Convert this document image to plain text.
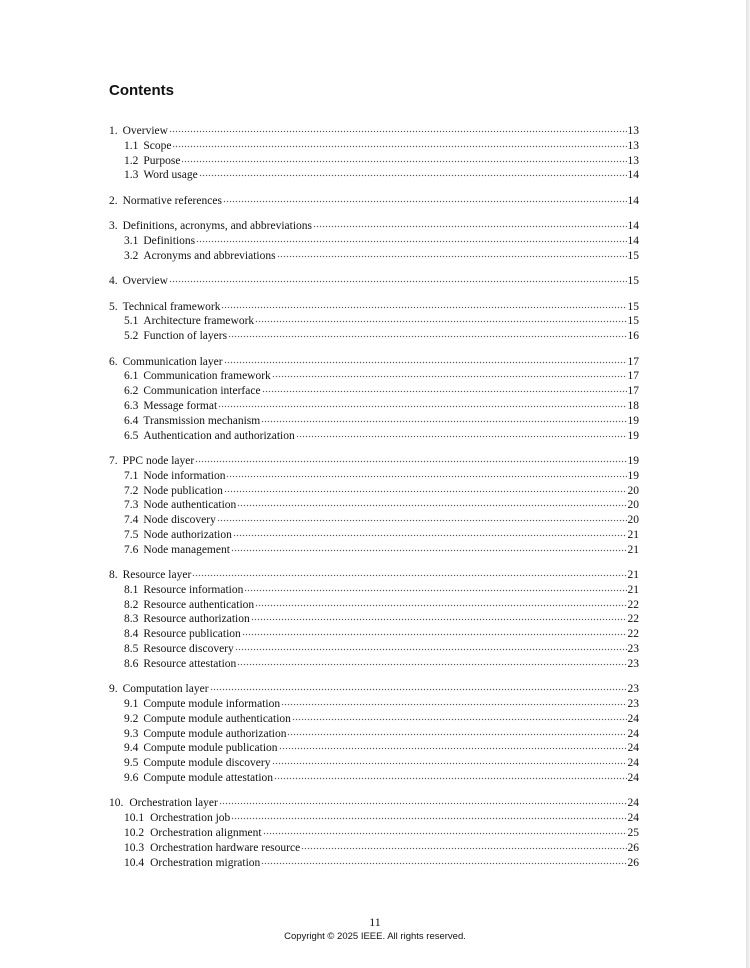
Contents
1. Overview	13
1.1 Scope	13
1.2 Purpose	13
1.3 Word usage	14
2. Normative references	14
3. Definitions, acronyms, and abbreviations	14
3.1 Definitions	14
3.2 Acronyms and abbreviations	15
4. Overview	15
5. Technical framework	15
5.1 Architecture framework	15
5.2 Function of layers	16
6. Communication layer	17
6.1 Communication framework	17
6.2 Communication interface	17
6.3 Message format	18
6.4 Transmission mechanism	19
6.5 Authentication and authorization	19
7. PPC node layer	19
7.1 Node information	19
7.2 Node publication	20
7.3 Node authentication	20
7.4 Node discovery	20
7.5 Node authorization	21
7.6 Node management	21
8. Resource layer	21
8.1 Resource information	21
8.2 Resource authentication	22
8.3 Resource authorization	22
8.4 Resource publication	22
8.5 Resource discovery	23
8.6 Resource attestation	23
9. Computation layer	23
9.1 Compute module information	23
9.2 Compute module authentication	24
9.3 Compute module authorization	24
9.4 Compute module publication	24
9.5 Compute module discovery	24
9.6 Compute module attestation	24
10. Orchestration layer	24
10.1 Orchestration job	24
10.2 Orchestration alignment	25
10.3 Orchestration hardware resource	26
10.4 Orchestration migration	26
11
Copyright © 2025 IEEE. All rights reserved.
